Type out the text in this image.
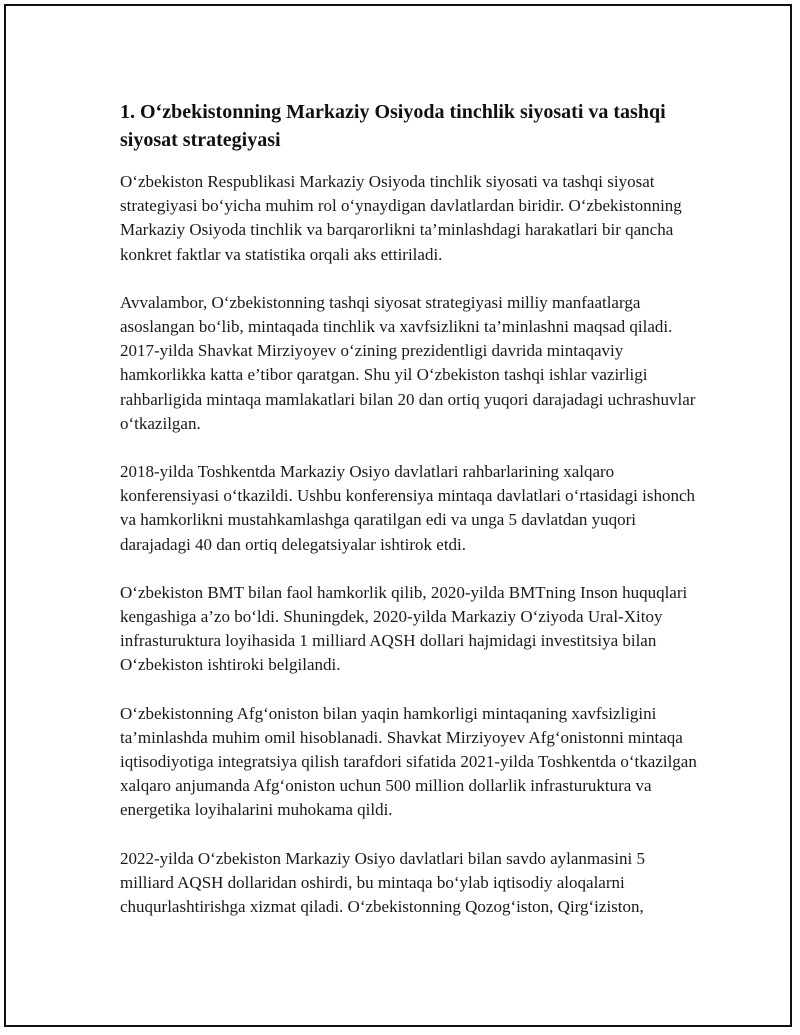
1. O‘zbekistonning Markaziy Osiyoda tinchlik siyosati va tashqi siyosat strategiyasi

O‘zbekiston Respublikasi Markaziy Osiyoda tinchlik siyosati va tashqi siyosat strategiyasi bo‘yicha muhim rol o‘ynaydigan davlatlardan biridir. O‘zbekistonning Markaziy Osiyoda tinchlik va barqarorlikni ta’minlashdagi harakatlari bir qancha konkret faktlar va statistika orqali aks ettiriladi.

Avvalambor, O‘zbekistonning tashqi siyosat strategiyasi milliy manfaatlarga asoslangan bo‘lib, mintaqada tinchlik va xavfsizlikni ta’minlashni maqsad qiladi. 2017-yilda Shavkat Mirziyoyev o‘zining prezidentligi davrida mintaqaviy hamkorlikka katta e’tibor qaratgan. Shu yil O‘zbekiston tashqi ishlar vazirligi rahbarligida mintaqa mamlakatlari bilan 20 dan ortiq yuqori darajadagi uchrashuvlar o‘tkazilgan.

2018-yilda Toshkentda Markaziy Osiyo davlatlari rahbarlarining xalqaro konferensiyasi o‘tkazildi. Ushbu konferensiya mintaqa davlatlari o‘rtasidagi ishonch va hamkorlikni mustahkamlashga qaratilgan edi va unga 5 davlatdan yuqori darajadagi 40 dan ortiq delegatsiyalar ishtirok etdi.

O‘zbekiston BMT bilan faol hamkorlik qilib, 2020-yilda BMTning Inson huquqlari kengashiga a’zo bo‘ldi. Shuningdek, 2020-yilda Markaziy O‘ziyoda Ural-Xitoy infrasturuktura loyihasida 1 milliard AQSH dollari hajmidagi investitsiya bilan O‘zbekiston ishtiroki belgilandi.

O‘zbekistonning Afg‘oniston bilan yaqin hamkorligi mintaqaning xavfsizligini ta’minlashda muhim omil hisoblanadi. Shavkat Mirziyoyev Afg‘onistonni mintaqa iqtisodiyotiga integratsiya qilish tarafdori sifatida 2021-yilda Toshkentda o‘tkazilgan xalqaro anjumanda Afg‘oniston uchun 500 million dollarlik infrasturuktura va energetika loyihalarini muhokama qildi.

2022-yilda O‘zbekiston Markaziy Osiyo davlatlari bilan savdo aylanmasini 5 milliard AQSH dollaridan oshirdi, bu mintaqa bo‘ylab iqtisodiy aloqalarni chuqurlashtirishga xizmat qiladi. O‘zbekistonning Qozog‘iston, Qirg‘iziston,
